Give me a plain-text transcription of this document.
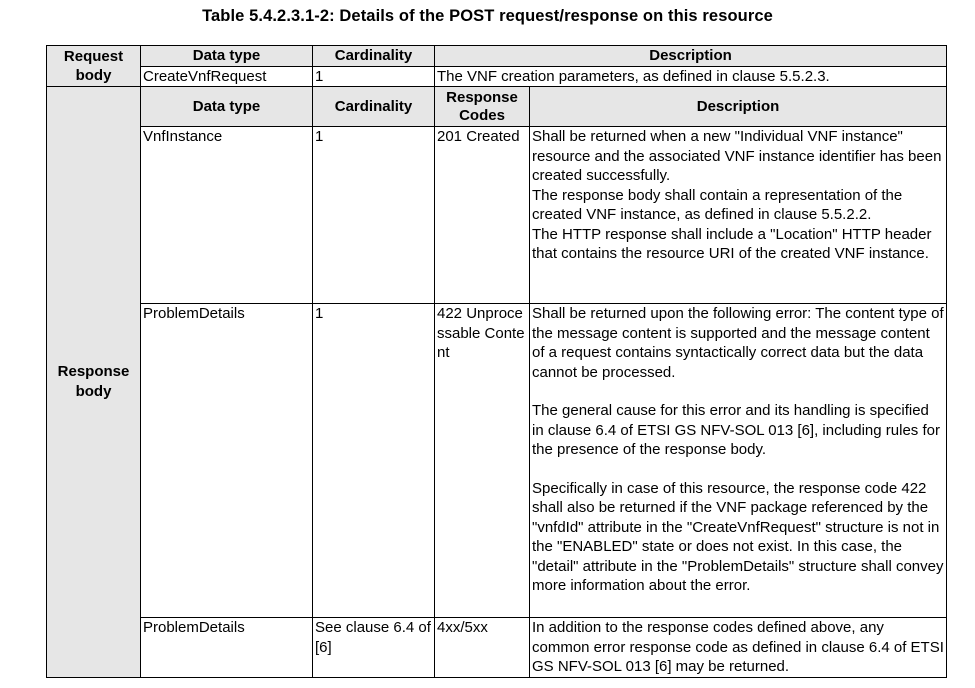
Table 5.4.2.3.1-2: Details of the POST request/response on this resource
Request body	Data type	Cardinality	Description	
	CreateVnfRequest	1	The VNF creation parameters, as defined in clause 5.5.2.3.	
Response body	Data type	Cardinality	Response Codes	Description
	VnfInstance	1	201 Created	Shall be returned when a new "Individual VNF instance" resource and the associated VNF instance identifier has been created successfully.

The response body shall contain a representation of the created VNF instance, as defined in clause 5.5.2.2.

The HTTP response shall include a "Location" HTTP header that contains the resource URI of the created VNF instance.

	ProblemDetails	1	422 Unprocessable Content	Shall be returned upon the following error: The content type of the message content is supported and the message content of a request contains syntactically correct data but the data cannot be processed.

The general cause for this error and its handling is specified in clause 6.4 of ETSI GS NFV-SOL 013 [6], including rules for the presence of the response body.

Specifically in case of this resource, the response code 422 shall also be returned if the VNF package referenced by the "vnfdId" attribute in the "CreateVnfRequest" structure is not in the "ENABLED" state or does not exist. In this case, the "detail" attribute in the "ProblemDetails" structure shall convey more information about the error.

	ProblemDetails	See clause 6.4 of [6]	4xx/5xx	In addition to the response codes defined above, any common error response code as defined in clause 6.4 of ETSI GS NFV-SOL 013 [6] may be returned.
